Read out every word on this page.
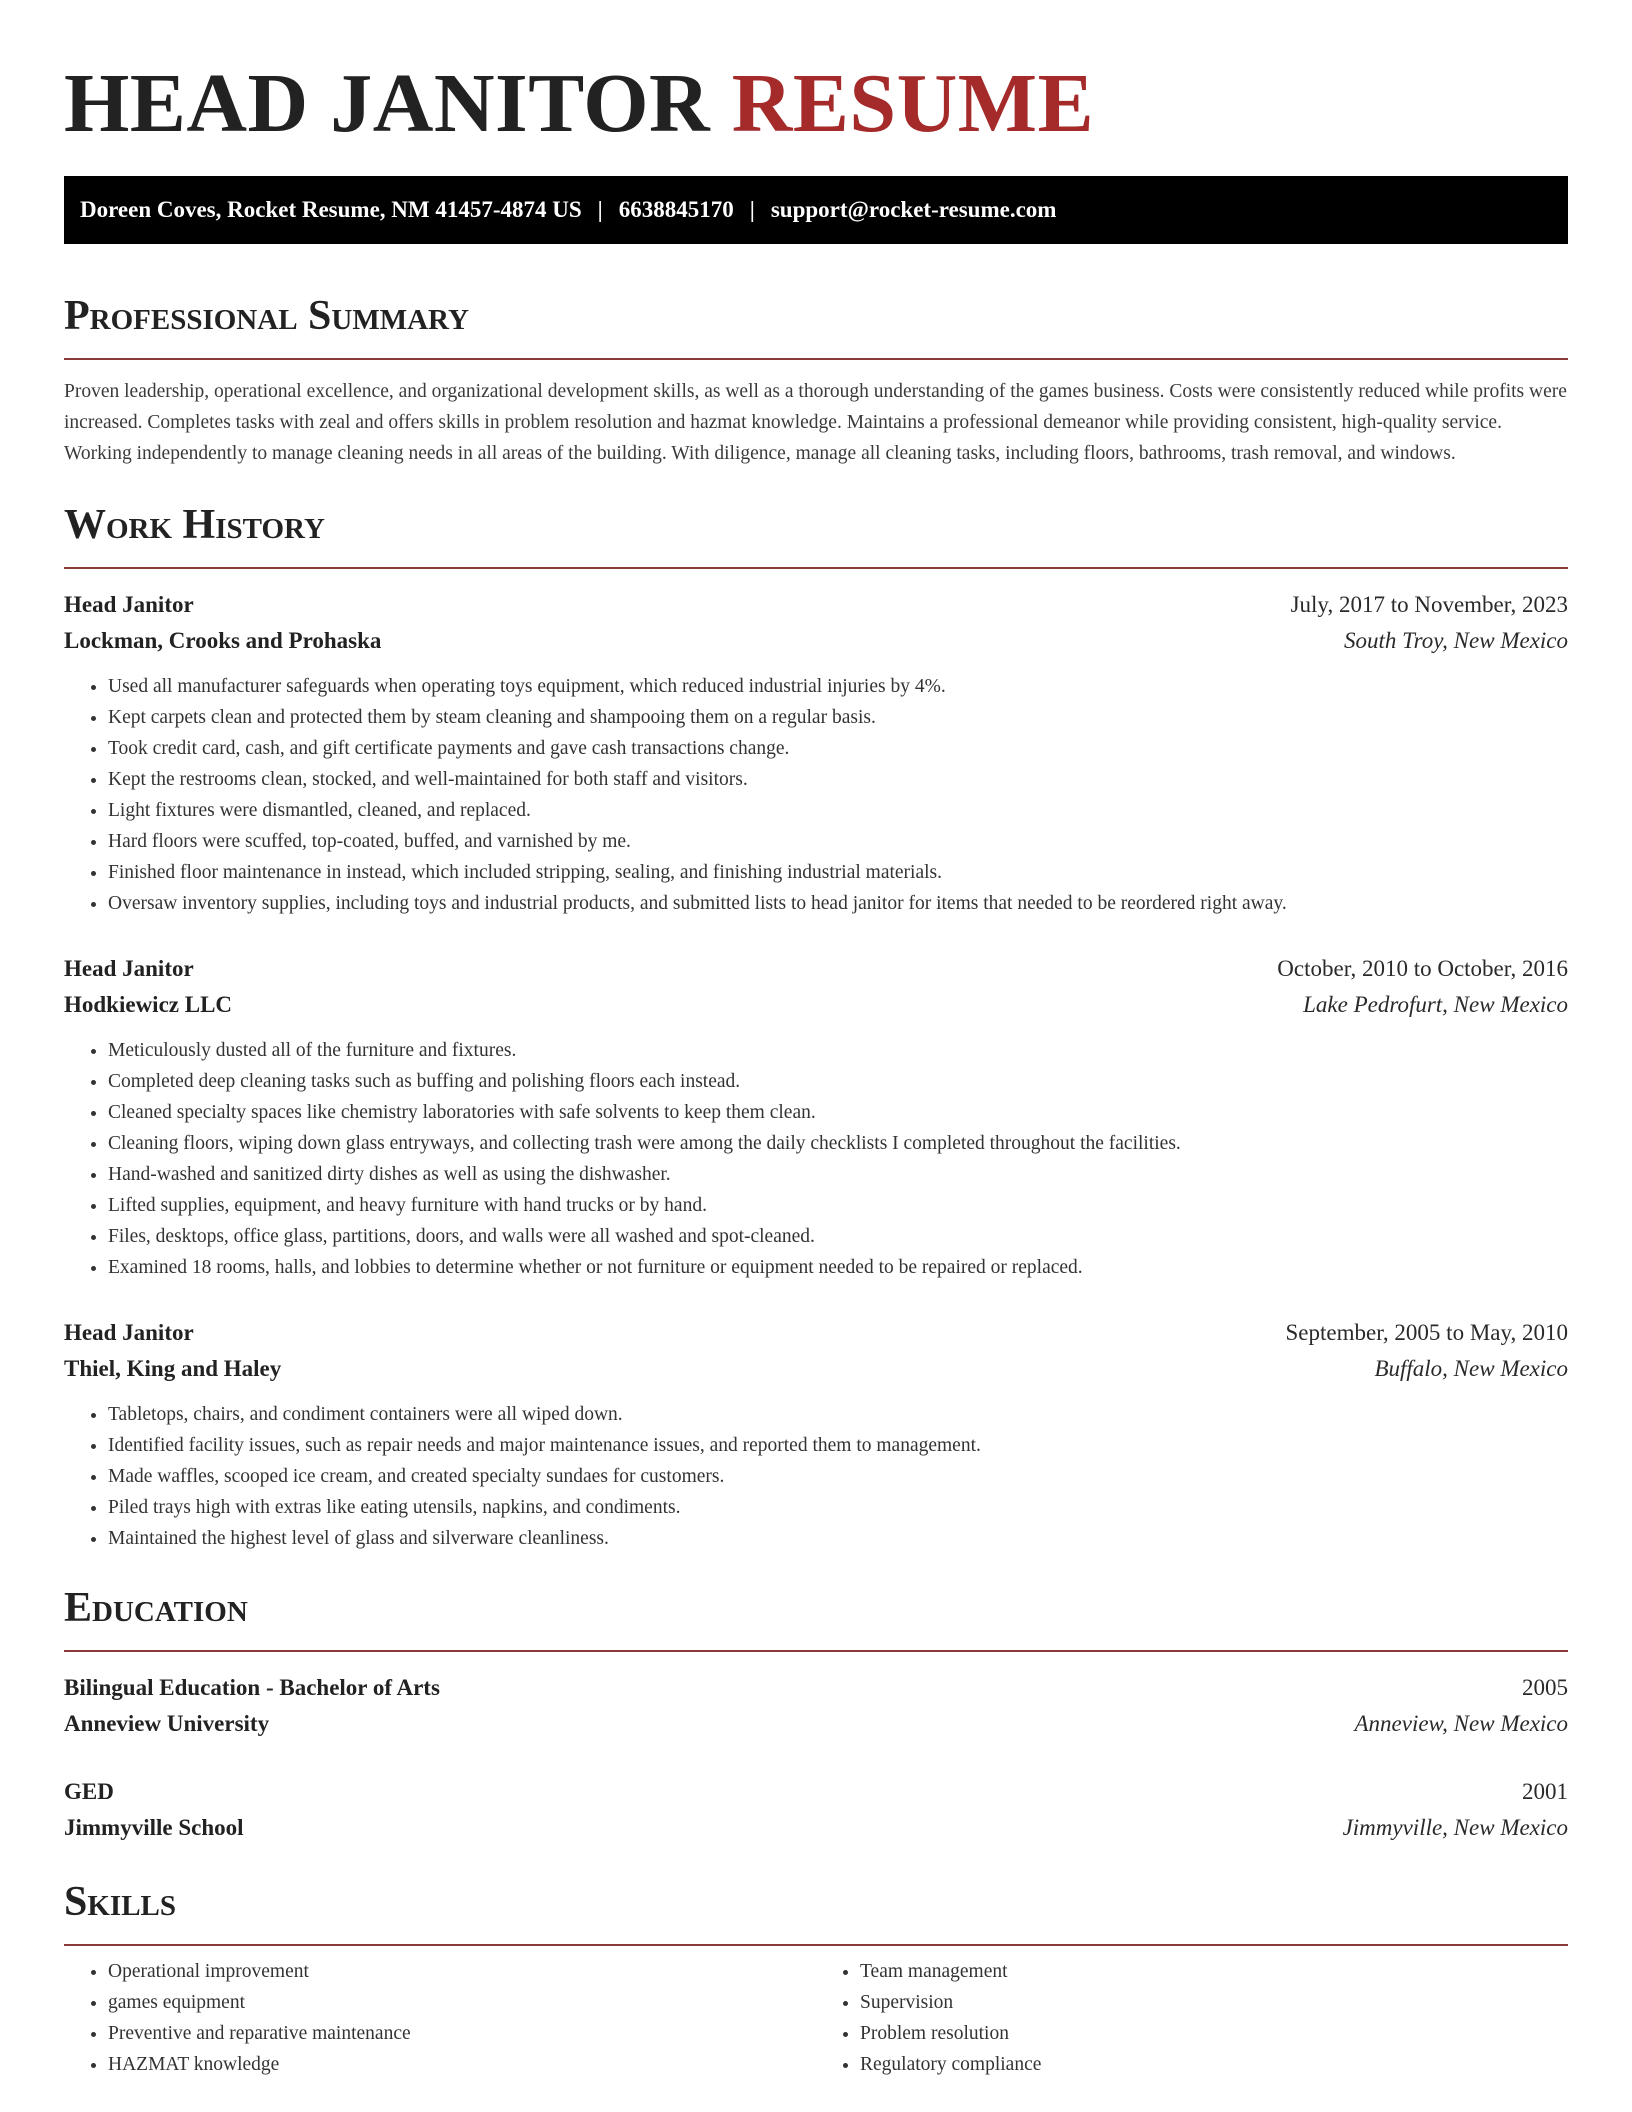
HEAD JANITOR RESUME
Doreen Coves, Rocket Resume, NM 41457-4874 US | 6638845170 | support@rocket-resume.com
Professional Summary

Proven leadership, operational excellence, and organizational development skills, as well as a thorough understanding of the games business. Costs were consistently reduced while profits were increased. Completes tasks with zeal and offers skills in problem resolution and hazmat knowledge. Maintains a professional demeanor while providing consistent, high-quality service. Working independently to manage cleaning needs in all areas of the building. With diligence, manage all cleaning tasks, including floors, bathrooms, trash removal, and windows.

Work History
Head Janitor	July, 2017 to November, 2023
Lockman, Crooks and Prohaska	South Troy, New Mexico
• Used all manufacturer safeguards when operating toys equipment, which reduced industrial injuries by 4%.
• Kept carpets clean and protected them by steam cleaning and shampooing them on a regular basis.
• Took credit card, cash, and gift certificate payments and gave cash transactions change.
• Kept the restrooms clean, stocked, and well-maintained for both staff and visitors.
• Light fixtures were dismantled, cleaned, and replaced.
• Hard floors were scuffed, top-coated, buffed, and varnished by me.
• Finished floor maintenance in instead, which included stripping, sealing, and finishing industrial materials.
• Oversaw inventory supplies, including toys and industrial products, and submitted lists to head janitor for items that needed to be reordered right away.
Head Janitor	October, 2010 to October, 2016
Hodkiewicz LLC	Lake Pedrofurt, New Mexico
• Meticulously dusted all of the furniture and fixtures.
• Completed deep cleaning tasks such as buffing and polishing floors each instead.
• Cleaned specialty spaces like chemistry laboratories with safe solvents to keep them clean.
• Cleaning floors, wiping down glass entryways, and collecting trash were among the daily checklists I completed throughout the facilities.
• Hand-washed and sanitized dirty dishes as well as using the dishwasher.
• Lifted supplies, equipment, and heavy furniture with hand trucks or by hand.
• Files, desktops, office glass, partitions, doors, and walls were all washed and spot-cleaned.
• Examined 18 rooms, halls, and lobbies to determine whether or not furniture or equipment needed to be repaired or replaced.
Head Janitor	September, 2005 to May, 2010
Thiel, King and Haley	Buffalo, New Mexico
• Tabletops, chairs, and condiment containers were all wiped down.
• Identified facility issues, such as repair needs and major maintenance issues, and reported them to management.
• Made waffles, scooped ice cream, and created specialty sundaes for customers.
• Piled trays high with extras like eating utensils, napkins, and condiments.
• Maintained the highest level of glass and silverware cleanliness.
Education
Bilingual Education - Bachelor of Arts	2005
Anneview University	Anneview, New Mexico
GED	2001
Jimmyville School	Jimmyville, New Mexico
Skills
• Operational improvement
• games equipment
• Preventive and reparative maintenance
• HAZMAT knowledge
• Team management
• Supervision
• Problem resolution
• Regulatory compliance
